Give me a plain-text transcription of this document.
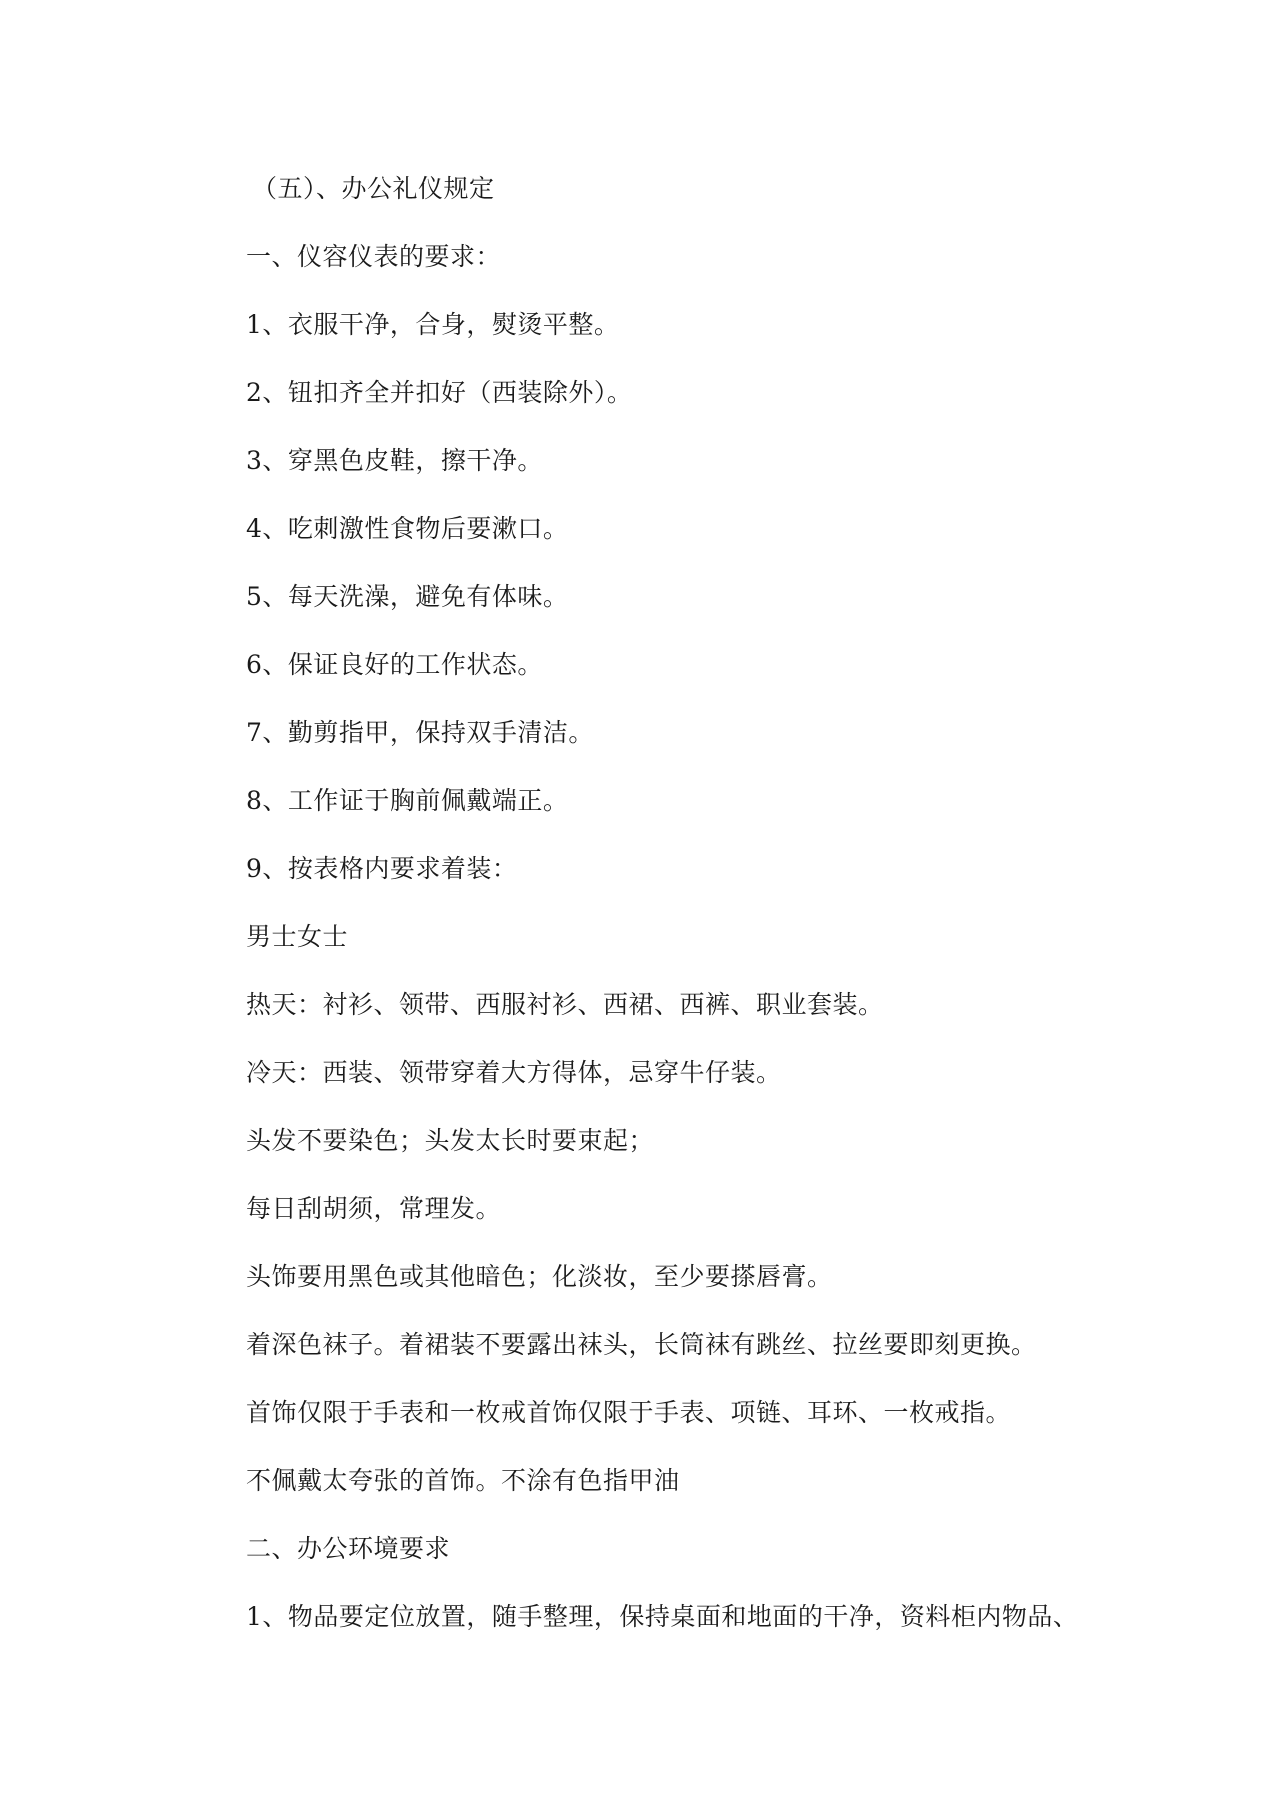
（五）、办公礼仪规定
一、仪容仪表的要求：
1、衣服干净，合身，熨烫平整。
2、钮扣齐全并扣好（西装除外）。
3、穿黑色皮鞋，擦干净。
4、吃刺激性食物后要漱口。
5、每天洗澡，避免有体味。
6、保证良好的工作状态。
7、勤剪指甲，保持双手清洁。
8、工作证于胸前佩戴端正。
9、按表格内要求着装：
男士女士
热天：衬衫、领带、西服衬衫、西裙、西裤、职业套装。
冷天：西装、领带穿着大方得体，忌穿牛仔装。
头发不要染色；头发太长时要束起；
每日刮胡须，常理发。
头饰要用黑色或其他暗色；化淡妆，至少要搽唇膏。
着深色袜子。着裙装不要露出袜头，长筒袜有跳丝、拉丝要即刻更换。
首饰仅限于手表和一枚戒首饰仅限于手表、项链、耳环、一枚戒指。
不佩戴太夸张的首饰。不涂有色指甲油
二、办公环境要求
1、物品要定位放置，随手整理，保持桌面和地面的干净，资料柜内物品、
